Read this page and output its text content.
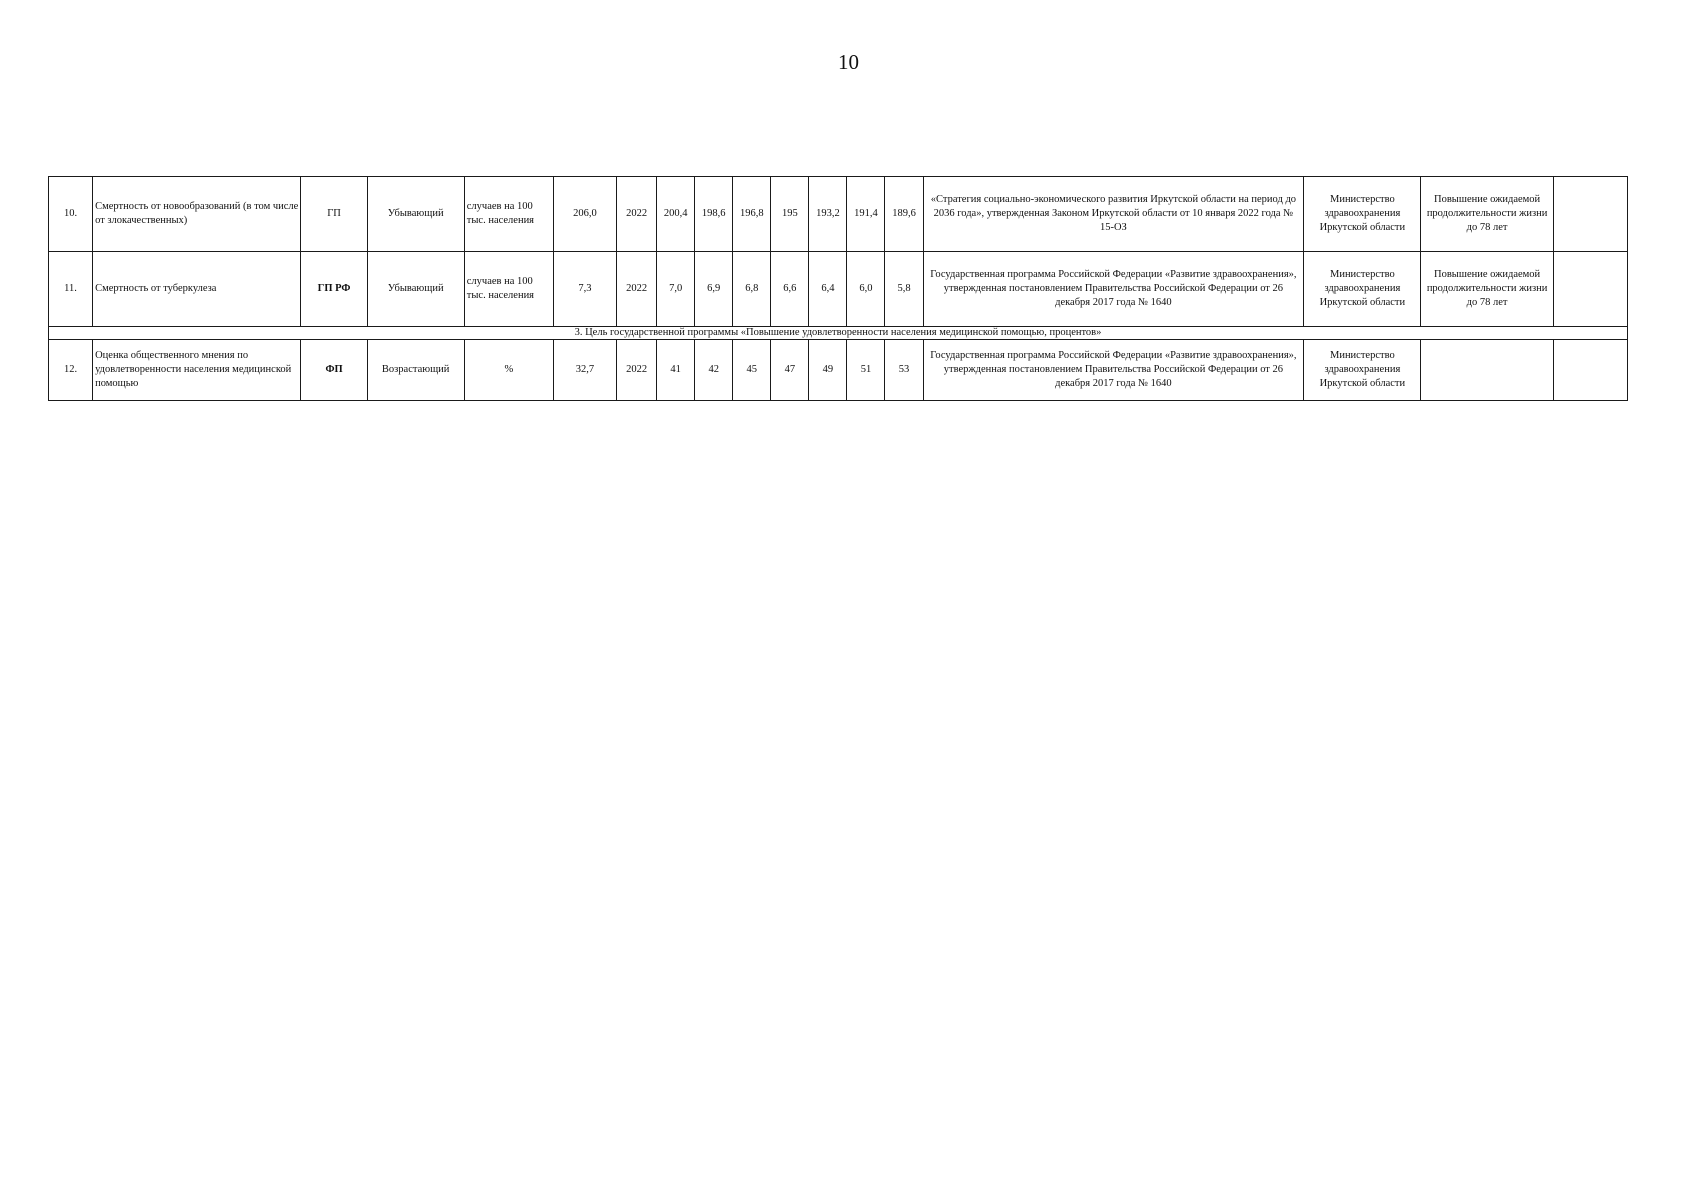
10
10.	Смертность от новообразований (в том числе от злокачественных)	ГП	Убывающий	случаев на 100 тыс. населения	206,0	2022	200,4	198,6	196,8	195	193,2	191,4	189,6	«Стратегия социально-экономического развития Иркутской области на период до 2036 года», утвержденная Законом Иркутской области от 10 января 2022 года № 15-ОЗ	Министерство здравоохранения Иркутской области	Повышение ожидаемой продолжительности жизни до 78 лет	
11.	Смертность от туберкулеза	ГП РФ	Убывающий	случаев на 100 тыс. населения	7,3	2022	7,0	6,9	6,8	6,6	6,4	6,0	5,8	Государственная программа Российской Федерации «Развитие здравоохранения», утвержденная постановлением Правительства Российской Федерации от 26 декабря 2017 года № 1640	Министерство здравоохранения Иркутской области	Повышение ожидаемой продолжительности жизни до 78 лет	
3. Цель государственной программы «Повышение удовлетворенности населения медицинской помощью, процентов»																	
12.	Оценка общественного мнения по удовлетворенности населения медицинской помощью	ФП	Возрастающий	%	32,7	2022	41	42	45	47	49	51	53	Государственная программа Российской Федерации «Развитие здравоохранения», утвержденная постановлением Правительства Российской Федерации от 26 декабря 2017 года № 1640	Министерство здравоохранения Иркутской области		
